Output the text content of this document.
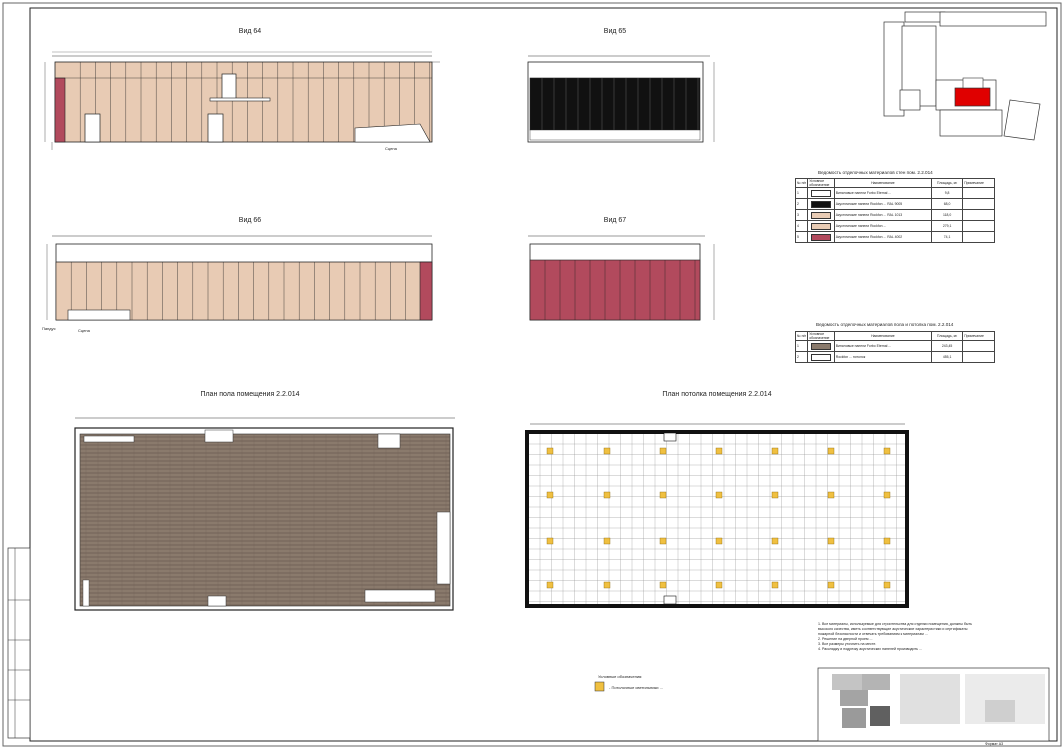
Вид 64	Вид 65
Вид 66	Вид 67
Сцена
Пандус	Сцена
План пола помещения 2.2.014	План потолка помещения 2.2.014
Ведомость отделочных материалов стен пом. 2.2.014
№ п/п	Условное обозначение	Наименование	Площадь, м²	Примечание
1		Виниловые панели Forbo Eternal ...	9,8	
2		Акустические панели Rockfon ... RAL 9005	68,0	
3		Акустические панели Rockfon ... RAL 1013	118,0	
4		Акустические панели Rockfon ...	279,1	
5		Акустические панели Rockfon ... RAL 4002	74,1	
Ведомость отделочных материалов пола и потолка пом. 2.2.014
№ п/п	Условное обозначение	Наименование	Площадь, м²	Примечание
1		Виниловые панели Forbo Eternal ...	243,45	
2		Rockfon ... потолок	455,1	
1. Все материалы, используемые для строительства для отделки помещения, должны быть
высокого качества, иметь соответствующие акустические характеристики и сертификаты
пожарной безопасности и отвечать требованиям к материалам ...
2. Решение на дверной проем ...
3. Все размеры уточнить на месте.
4. Раскладку и подрезку акустических панелей производить ...
Условные обозначения:
- Потолочные светильники ...
Формат А3
